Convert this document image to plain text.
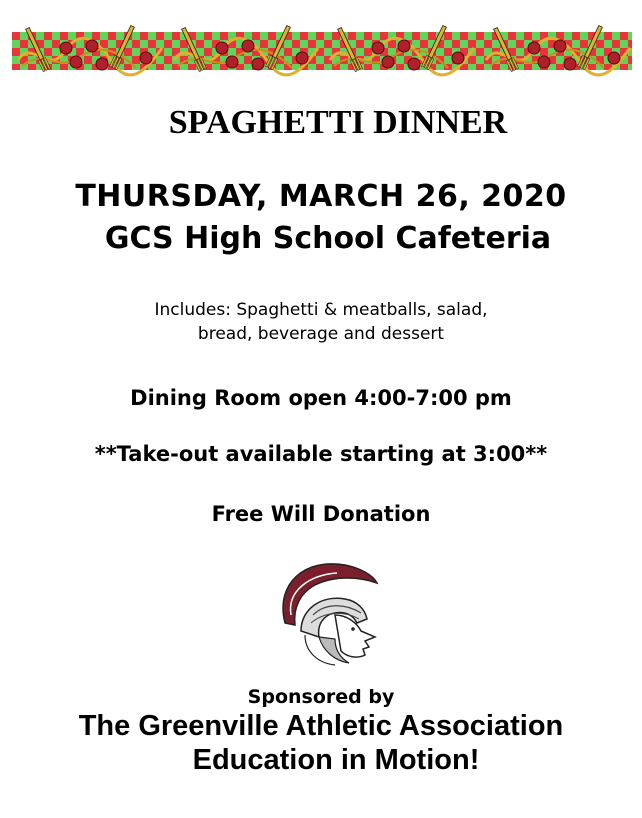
SPAGHETTI DINNER
THURSDAY, MARCH 26, 2020
GCS High School Cafeteria
Includes: Spaghetti & meatballs, salad,
bread, beverage and dessert
Dining Room open 4:00-7:00 pm
**Take-out available starting at 3:00**
Free Will Donation
Sponsored by
The Greenville Athletic Association
Education in Motion!
